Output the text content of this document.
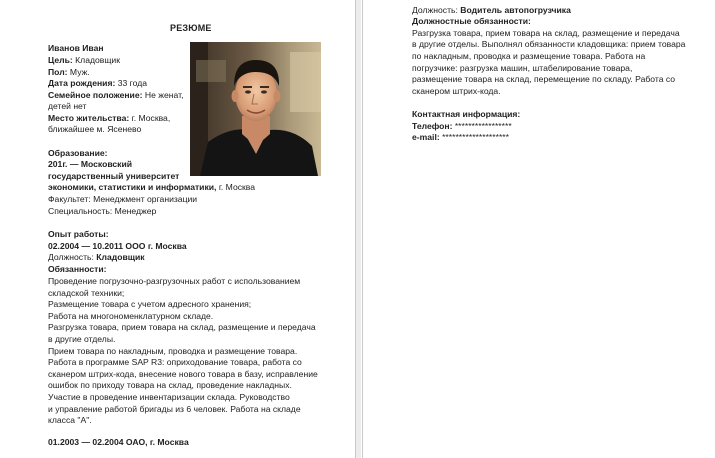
РЕЗЮМЕ
Иванов Иван
Цель: Кладовщик
Пол: Муж.
Дата рождения: 33 года
Семейное положение: Не женат,
детей нет
Место жительства: г. Москва,
ближайшее м. Ясенево
Образование:
201г. — Московский
государственный университет
экономики, статистики и информатики, г. Москва
Факультет: Менеджмент организации
Специальность: Менеджер
Опыт работы:
02.2004 — 10.2011 ООО г. Москва
Должность: Кладовщик
Обязанности:
Проведение погрузочно-разгрузочных работ с использованием
складской техники;
Размещение товара с учетом адресного хранения;
Работа на многономенклатурном складе.
Разгрузка товара, прием товара на склад, размещение и передача
в другие отделы.
Прием товара по накладным, проводка и размещение товара.
Работа в программе SAP R3: оприходование товара, работа со
сканером штрих-кода, внесение нового товара в базу, исправление
ошибок по приходу товара на склад, проведение накладных.
Участие в проведение инвентаризации склада. Руководство
и управление работой бригады из 6 человек. Работа на складе
класса "А".
01.2003 — 02.2004 ОАО, г. Москва
Должность: Водитель автопогрузчика
Должностные обязанности:
Разгрузка товара, прием товара на склад, размещение и передача
в другие отделы. Выполнял обязанности кладовщика: прием товара
по накладным, проводка и размещение товара. Работа на
погрузчике: разгрузка машин, штабелирование товара,
размещение товара на склад, перемещение по складу. Работа со
сканером штрих-кода.
Контактная информация:
Телефон: *****************
e-mail: ********************
